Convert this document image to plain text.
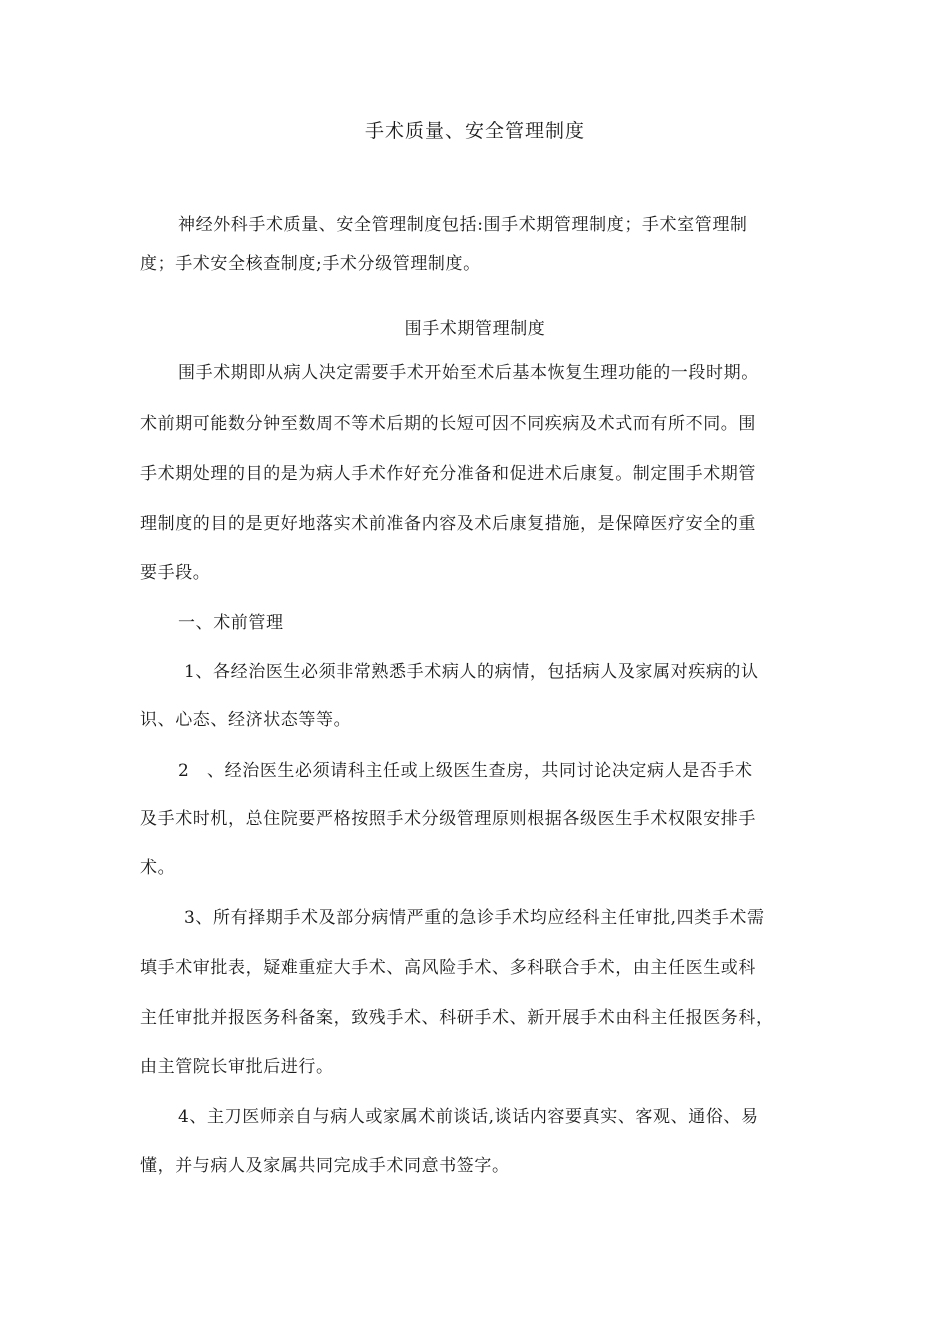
手术质量、安全管理制度
神经外科手术质量、安全管理制度包括:围手术期管理制度；手术室管理制
度；手术安全核查制度;手术分级管理制度。
围手术期管理制度
围手术期即从病人决定需要手术开始至术后基本恢复生理功能的一段时期。
术前期可能数分钟至数周不等术后期的长短可因不同疾病及术式而有所不同。围
手术期处理的目的是为病人手术作好充分准备和促进术后康复。制定围手术期管
理制度的目的是更好地落实术前准备内容及术后康复措施，是保障医疗安全的重
要手段。
一、术前管理
1、各经治医生必须非常熟悉手术病人的病情，包括病人及家属对疾病的认
识、心态、经济状态等等。
2　、经治医生必须请科主任或上级医生查房，共同讨论决定病人是否手术
及手术时机，总住院要严格按照手术分级管理原则根据各级医生手术权限安排手
术。
3、所有择期手术及部分病情严重的急诊手术均应经科主任审批,四类手术需
填手术审批表，疑难重症大手术、高风险手术、多科联合手术，由主任医生或科
主任审批并报医务科备案，致残手术、科研手术、新开展手术由科主任报医务科，
由主管院长审批后进行。
4、主刀医师亲自与病人或家属术前谈话,谈话内容要真实、客观、通俗、易
懂，并与病人及家属共同完成手术同意书签字。
